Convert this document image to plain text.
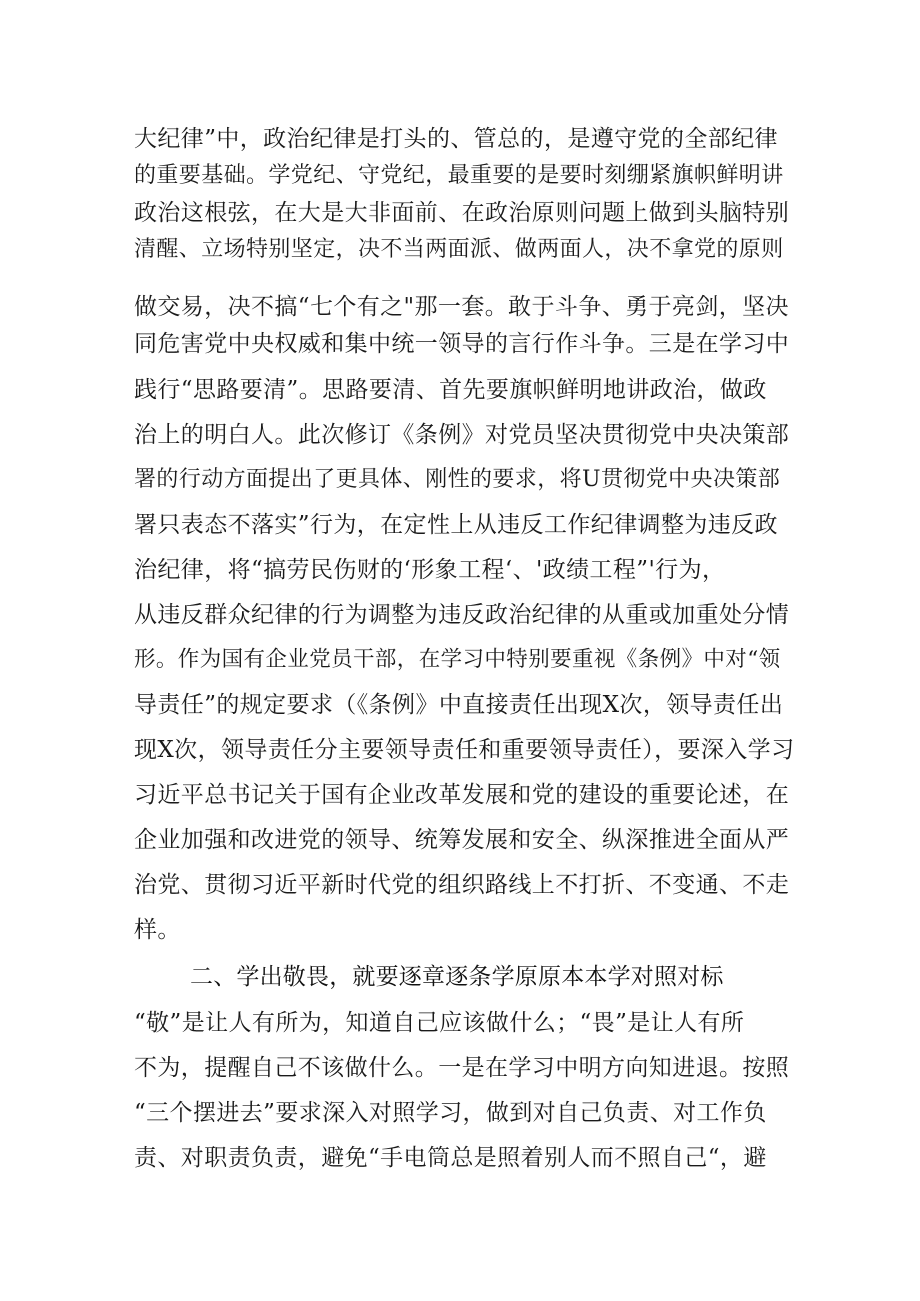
大纪律”中，政治纪律是打头的、管总的，是遵守党的全部纪律
的重要基础。学党纪、守党纪，最重要的是要时刻绷紧旗帜鲜明讲
政治这根弦，在大是大非面前、在政治原则问题上做到头脑特别
清醒、立场特别坚定，决不当两面派、做两面人，决不拿党的原则
做交易，决不搞“七个有之"那一套。敢于斗争、勇于亮剑，坚决
同危害党中央权威和集中统一领导的言行作斗争。三是在学习中
践行“思路要清”。思路要清、首先要旗帜鲜明地讲政治，做政
治上的明白人。此次修订《条例》对党员坚决贯彻党中央决策部
署的行动方面提出了更具体、刚性的要求，将U贯彻党中央决策部
署只表态不落实”行为，在定性上从违反工作纪律调整为违反政
治纪律，将“搞劳民伤财的‘形象工程‘、'政绩工程”'行为，
从违反群众纪律的行为调整为违反政治纪律的从重或加重处分情
形。作为国有企业党员干部，在学习中特别要重视《条例》中对“领
导责任”的规定要求（《条例》中直接责任出现X次，领导责任出
现X次，领导责任分主要领导责任和重要领导责任），要深入学习
习近平总书记关于国有企业改革发展和党的建设的重要论述，在
企业加强和改进党的领导、统筹发展和安全、纵深推进全面从严
治党、贯彻习近平新时代党的组织路线上不打折、不变通、不走
样。
二、学出敬畏，就要逐章逐条学原原本本学对照对标
“敬”是让人有所为，知道自己应该做什么；“畏”是让人有所
不为，提醒自己不该做什么。一是在学习中明方向知进退。按照
“三个摆进去”要求深入对照学习，做到对自己负责、对工作负
责、对职责负责，避免“手电筒总是照着别人而不照自己“，避
